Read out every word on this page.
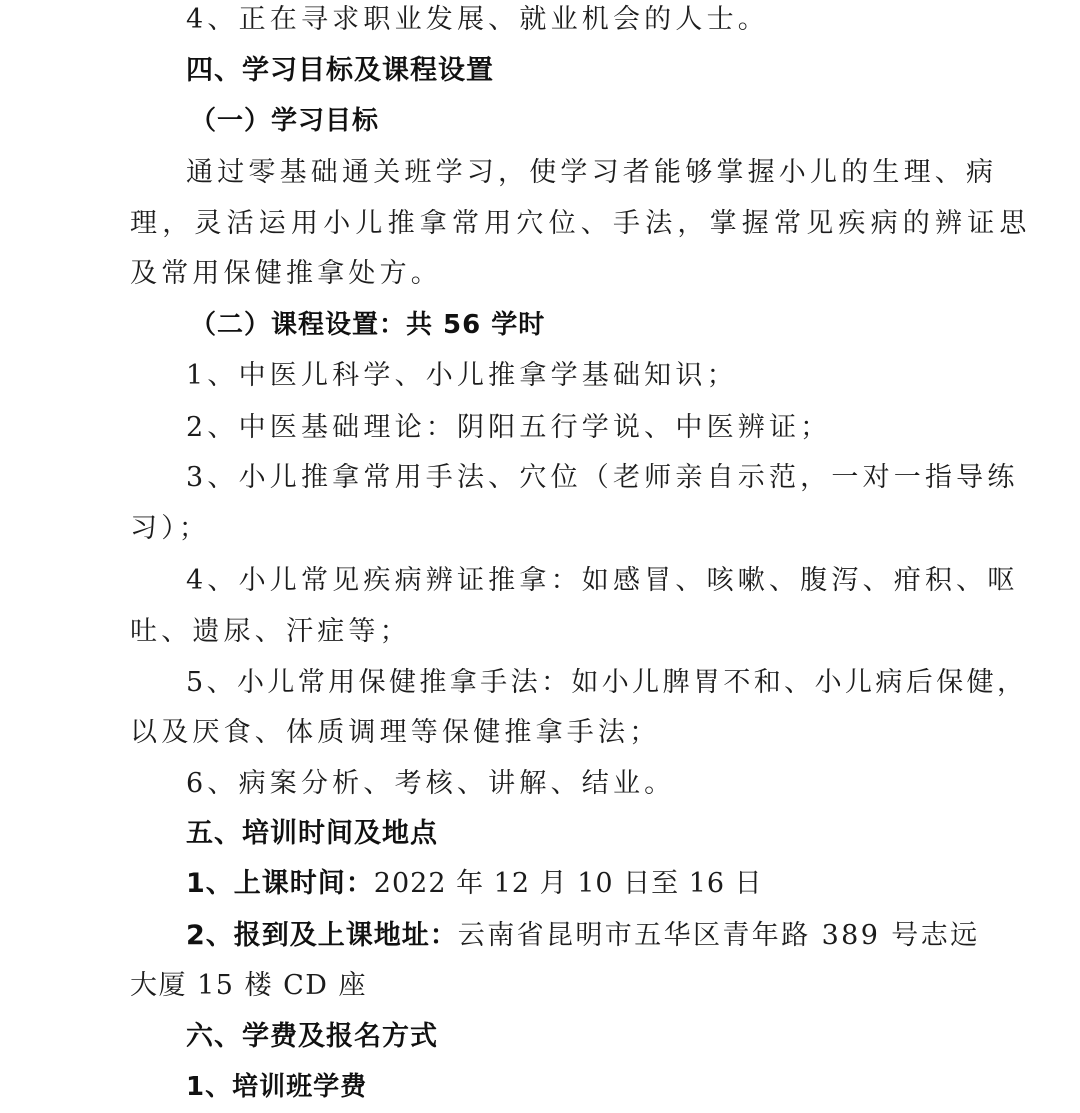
4、正在寻求职业发展、就业机会的人士。
四、学习目标及课程设置
（一）学习目标
通过零基础通关班学习，使学习者能够掌握小儿的生理、病
理，灵活运用小儿推拿常用穴位、手法，掌握常见疾病的辨证思
及常用保健推拿处方。
（二）课程设置：共 56 学时
1、中医儿科学、小儿推拿学基础知识；
2、中医基础理论：阴阳五行学说、中医辨证；
3、小儿推拿常用手法、穴位（老师亲自示范，一对一指导练
习）；
4、小儿常见疾病辨证推拿：如感冒、咳嗽、腹泻、疳积、呕
吐、遗尿、汗症等；
5、小儿常用保健推拿手法：如小儿脾胃不和、小儿病后保健，
以及厌食、体质调理等保健推拿手法；
6、病案分析、考核、讲解、结业。
五、培训时间及地点
1、上课时间：2022 年 12 月 10 日至 16 日
2、报到及上课地址：云南省昆明市五华区青年路 389 号志远
大厦 15 楼 CD 座
六、学费及报名方式
1、培训班学费
